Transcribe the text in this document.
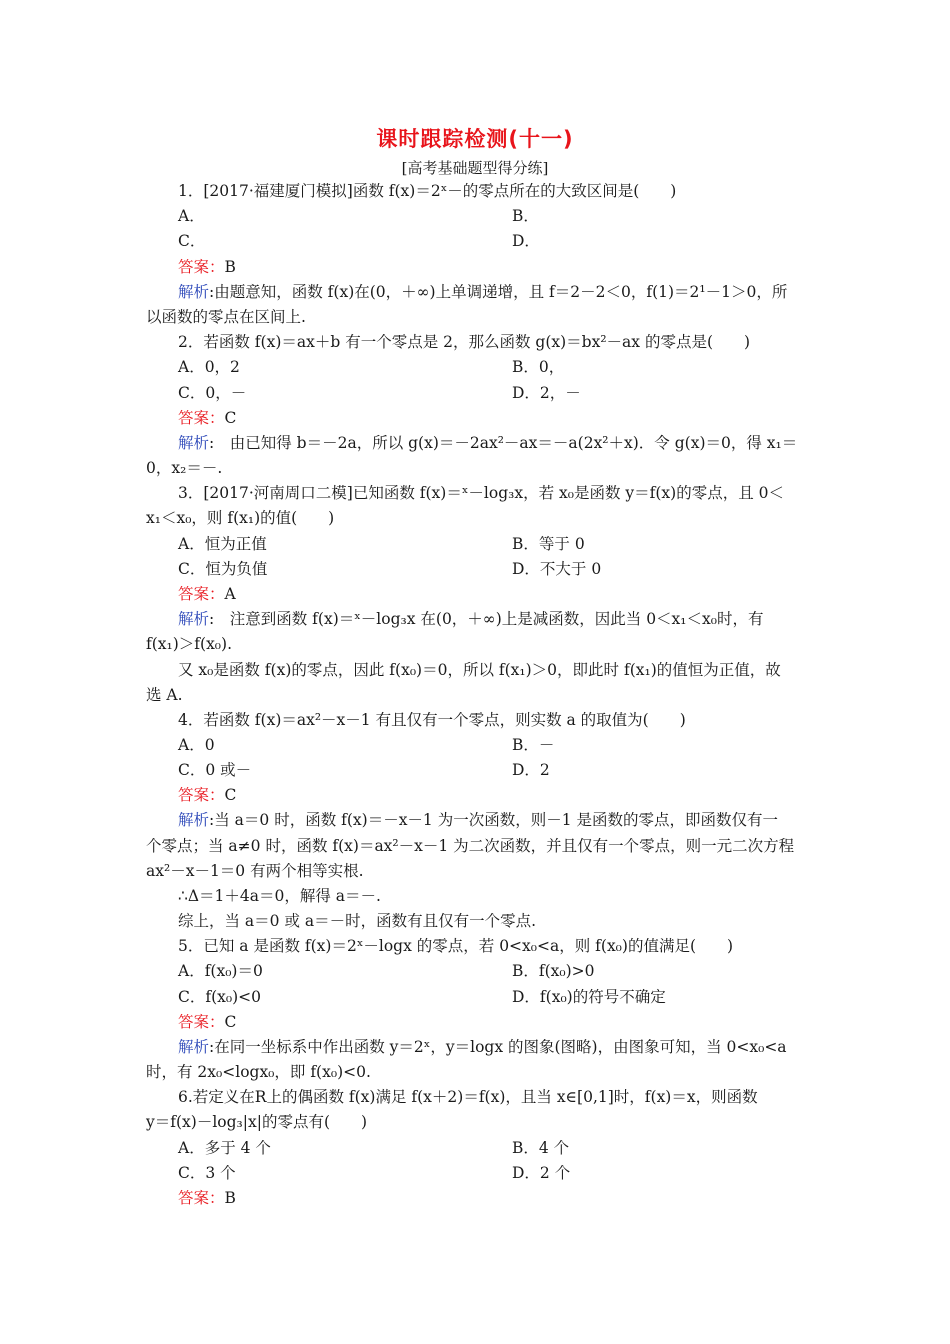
课时跟踪检测(十一)
[高考基础题型得分练]
1．[2017·福建厦门模拟]函数 f(x)＝2ˣ－的零点所在的大致区间是(　　)
A．	B．
C．	D．
答案：B
解析:由题意知，函数 f(x)在(0，＋∞)上单调递增，且 f＝2－2＜0，f(1)＝2¹－1＞0，所
以函数的零点在区间上.
2．若函数 f(x)＝ax＋b 有一个零点是 2，那么函数 g(x)＝bx²－ax 的零点是(　　)
A．0，2	B．0，
C．0，－	D．2，－
答案：C
解析:　由已知得 b＝－2a，所以 g(x)＝－2ax²－ax＝－a(2x²＋x)．令 g(x)＝0，得 x₁＝
0，x₂＝－.
3．[2017·河南周口二模]已知函数 f(x)＝ˣ－log₃x，若 x₀是函数 y＝f(x)的零点，且 0＜
x₁＜x₀，则 f(x₁)的值(　　)
A．恒为正值	B．等于 0
C．恒为负值	D．不大于 0
答案：A
解析:　注意到函数 f(x)＝ˣ－log₃x 在(0，＋∞)上是减函数，因此当 0＜x₁＜x₀时，有
f(x₁)＞f(x₀).
又 x₀是函数 f(x)的零点，因此 f(x₀)＝0，所以 f(x₁)＞0，即此时 f(x₁)的值恒为正值，故
选 A.
4．若函数 f(x)＝ax²－x－1 有且仅有一个零点，则实数 a 的取值为(　　)
A．0	B．－
C．0 或－	D．2
答案：C
解析:当 a＝0 时，函数 f(x)＝－x－1 为一次函数，则－1 是函数的零点，即函数仅有一
个零点；当 a≠0 时，函数 f(x)＝ax²－x－1 为二次函数，并且仅有一个零点，则一元二次方程
ax²－x－1＝0 有两个相等实根.
∴Δ＝1＋4a＝0，解得 a＝－.
综上，当 a＝0 或 a＝－时，函数有且仅有一个零点.
5．已知 a 是函数 f(x)＝2ˣ－logx 的零点，若 0<x₀<a，则 f(x₀)的值满足(　　)
A．f(x₀)＝0	B．f(x₀)>0
C．f(x₀)<0	D．f(x₀)的符号不确定
答案：C
解析:在同一坐标系中作出函数 y＝2ˣ，y＝logx 的图象(图略)，由图象可知，当 0<x₀<a
时，有 2x₀<logx₀，即 f(x₀)<0.
6.若定义在R上的偶函数 f(x)满足 f(x＋2)＝f(x)，且当 x∈[0,1]时，f(x)＝x，则函数
y＝f(x)－log₃|x|的零点有(　　)
A．多于 4 个	B．4 个
C．3 个	D．2 个
答案：B
